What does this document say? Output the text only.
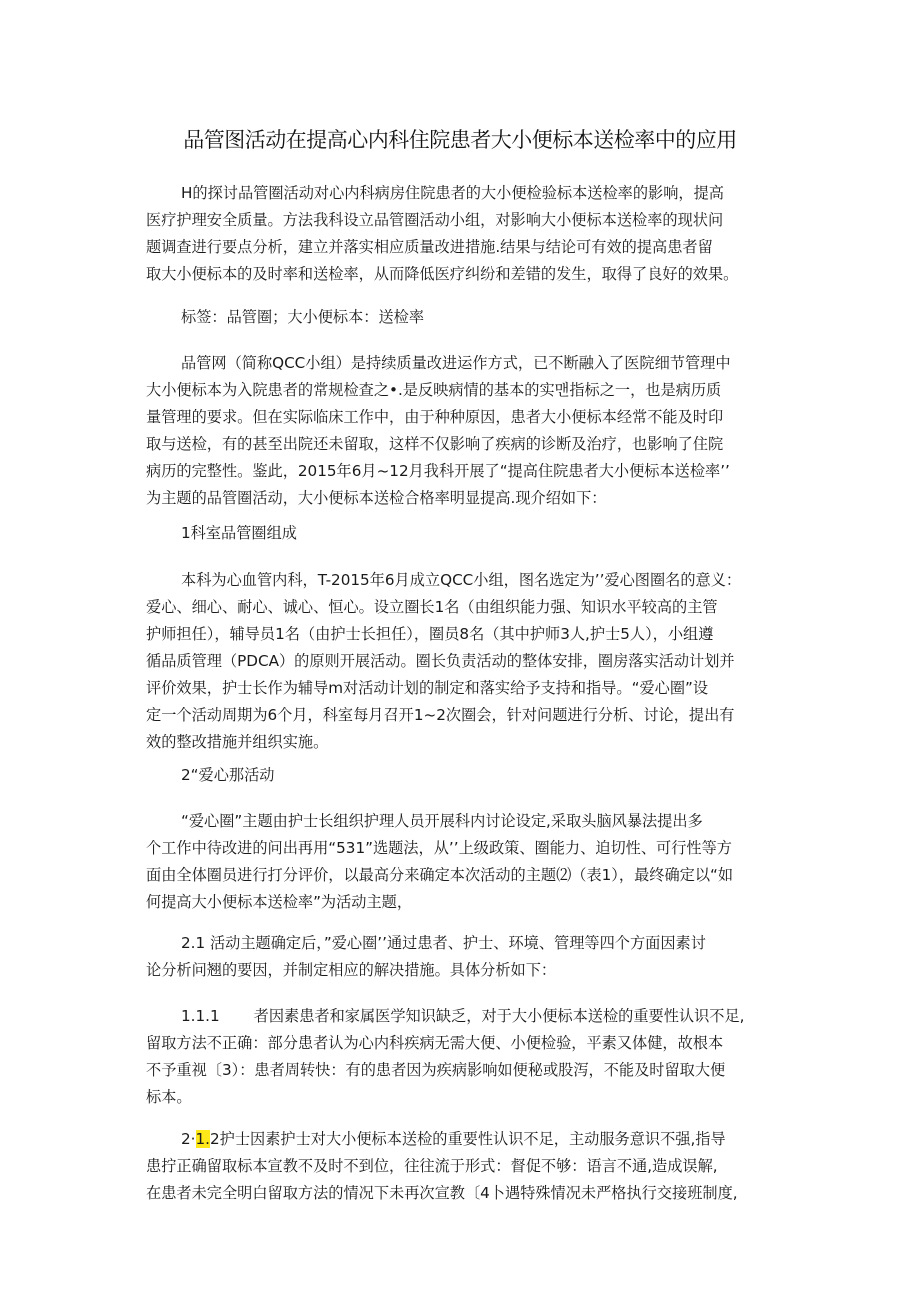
品管图活动在提高心内科住院患者大小便标本送检率中的应用
H的探讨品管圈活动对心内科病房住院患者的大小便检验标本送检率的影响，提高
医疗护理安全质量。方法我科设立品管圈活动小组，对影响大小便标本送检率的现状问
题调查进行要点分析，建立并落实相应质量改进措施.结果与结论可有效的提高患者留
取大小便标本的及时率和送检率，从而降低医疗纠纷和差错的发生，取得了良好的效果。
标签：品管圈；大小便标本：送检率
品管网（简称QCC小组）是持续质量改进运作方式，已不断融入了医院细节管理中
大小便标本为入院患者的常规检查之•.是反映病情的基本的实맨指标之一，也是病历质
量管理的要求。但在实际临床工作中，由于种种原因，患者大小便标本经常不能及时印
取与送检，有的甚至出院还未留取，这样不仅影响了疾病的诊断及治疗，也影响了住院
病历的完整性。鉴此，2015年6月~12月我科开展了“提高住院患者大小便标本送检率’’
为主题的品管圈活动，大小便标本送检合格率明显提高.现介绍如下：
1科室品管圈组成
本科为心血管内科，T-2015年6月成立QCC小组，图名选定为’’爱心图圈名的意义：
爱心、细心、耐心、诚心、恒心。设立圈长1名（由组织能力强、知识水平较高的主管
护师担任），辅导员1名（由护士长担任），圈员8名（其中护师3人,护士5人），小组遵
循品质管理（PDCA）的原则开展活动。圈长负责活动的整体安排，圈房落实活动计划并
评价效果，护士长作为辅导m对活动计划的制定和落实给予支持和指导。“爱心圈”设
定一个活动周期为6个月，科室每月召开1~2次圈会，针对问题进行分析、讨论，提出有
效的整改措施并组织实施。
2“爱心那活动
“爱心圈”主题由护士长组织护理人员开展科内讨论设定,采取头脑风暴法提出多
个工作中待改进的问出再用“531”选题法，从’’上级政策、圈能力、迫切性、可行性等方
面由全体圈员进行打分评价，以最高分来确定本次活动的主题⑵（表1），最终确定以“如
何提高大小便标本送检率”为活动主题，
2.1 活动主题确定后，”爱心圈’’通过患者、护士、环境、管理等四个方面因素讨
论分析问翘的要因，并制定相应的解决措施。具体分析如下：
1.1.1 者因素患者和家属医学知识缺乏，对于大小便标本送检的重要性认识不足,
留取方法不正确：部分患者认为心内科疾病无需大便、小便检验，平素又体健，故根本
不予重视〔3）：患者周转快：有的患者因为疾病影响如便秘或股泻，不能及时留取大便
标本。
2·1.2护士因素护士对大小便标本送检的重要性认识不足，主动服务意识不强,指导
患拧正确留取标本宣教不及时不到位，往往流于形式：督促不够：语言不通,造成误解,
在患者未完全明白留取方法的情况下未再次宣教〔4卜遇特殊情况未严格执行交接班制度,
